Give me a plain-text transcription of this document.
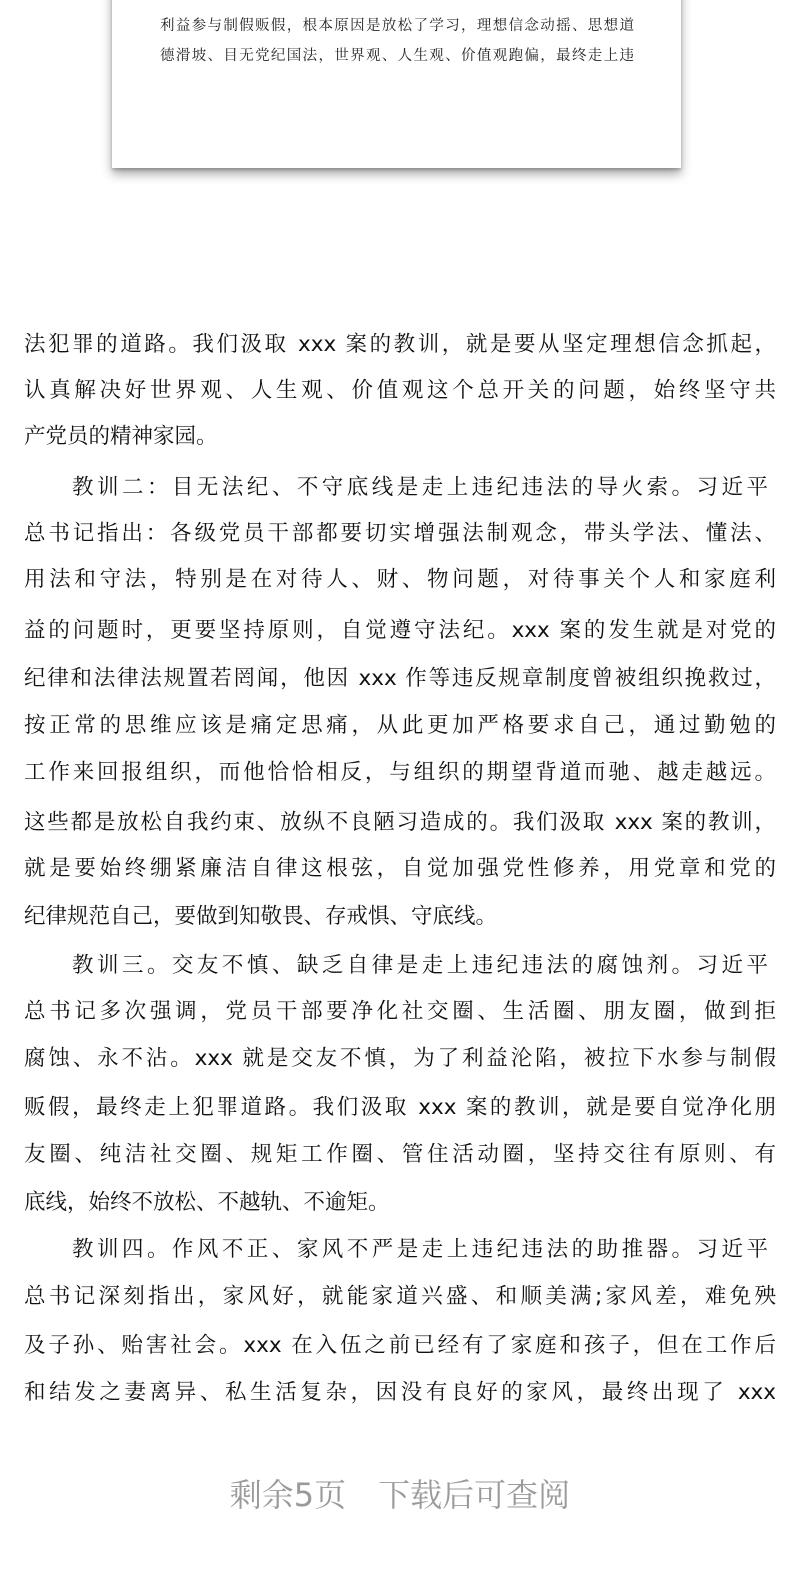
利益参与制假贩假，根本原因是放松了学习，理想信念动摇、思想道
德滑坡、目无党纪国法，世界观、人生观、价值观跑偏，最终走上违
法犯罪的道路。我们汲取 xxx 案的教训，就是要从坚定理想信念抓起，
认真解决好世界观、人生观、价值观这个总开关的问题，始终坚守共
产党员的精神家园。
教训二：目无法纪、不守底线是走上违纪违法的导火索。习近平
总书记指出：各级党员干部都要切实增强法制观念，带头学法、懂法、
用法和守法，特别是在对待人、财、物问题，对待事关个人和家庭利
益的问题时，更要坚持原则，自觉遵守法纪。xxx 案的发生就是对党的
纪律和法律法规置若罔闻，他因 xxx 作等违反规章制度曾被组织挽救过，
按正常的思维应该是痛定思痛，从此更加严格要求自己，通过勤勉的
工作来回报组织，而他恰恰相反，与组织的期望背道而驰、越走越远。
这些都是放松自我约束、放纵不良陋习造成的。我们汲取 xxx 案的教训，
就是要始终绷紧廉洁自律这根弦，自觉加强党性修养，用党章和党的
纪律规范自己，要做到知敬畏、存戒惧、守底线。
教训三。交友不慎、缺乏自律是走上违纪违法的腐蚀剂。习近平
总书记多次强调，党员干部要净化社交圈、生活圈、朋友圈，做到拒
腐蚀、永不沾。xxx 就是交友不慎，为了利益沦陷，被拉下水参与制假
贩假，最终走上犯罪道路。我们汲取 xxx 案的教训，就是要自觉净化朋
友圈、纯洁社交圈、规矩工作圈、管住活动圈，坚持交往有原则、有
底线，始终不放松、不越轨、不逾矩。
教训四。作风不正、家风不严是走上违纪违法的助推器。习近平
总书记深刻指出，家风好，就能家道兴盛、和顺美满;家风差，难免殃
及子孙、贻害社会。xxx 在入伍之前已经有了家庭和孩子，但在工作后
和结发之妻离异、私生活复杂，因没有良好的家风，最终出现了 xxx
剩余5页 下载后可查阅
